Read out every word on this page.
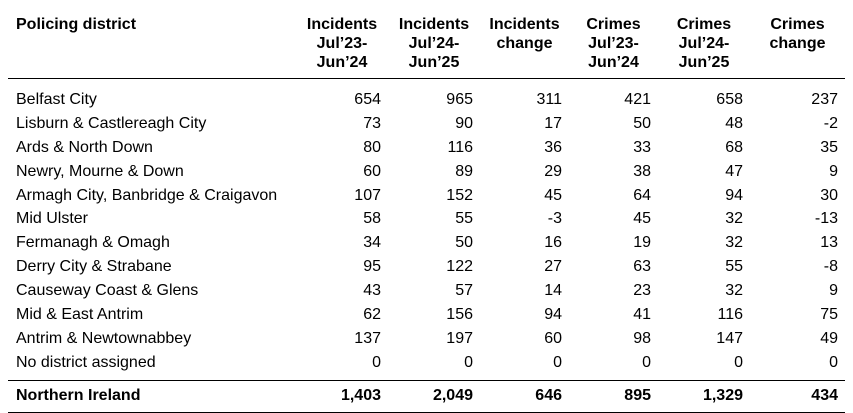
Policing district	Incidents
Jul’23-
Jun’24	Incidents
Jul’24-
Jun’25	Incidents
change	Crimes
Jul’23-
Jun’24	Crimes
Jul’24-
Jun’25	Crimes
change

Belfast City	654	965	311	421	658	237
Lisburn & Castlereagh City	73	90	17	50	48	-2
Ards & North Down	80	116	36	33	68	35
Newry, Mourne & Down	60	89	29	38	47	9
Armagh City, Banbridge & Craigavon	107	152	45	64	94	30
Mid Ulster	58	55	-3	45	32	-13
Fermanagh & Omagh	34	50	16	19	32	13
Derry City & Strabane	95	122	27	63	55	-8
Causeway Coast & Glens	43	57	14	23	32	9
Mid & East Antrim	62	156	94	41	116	75
Antrim & Newtownabbey	137	197	60	98	147	49
No district assigned	0	0	0	0	0	0
Northern Ireland	1,403	2,049	646	895	1,329	434
